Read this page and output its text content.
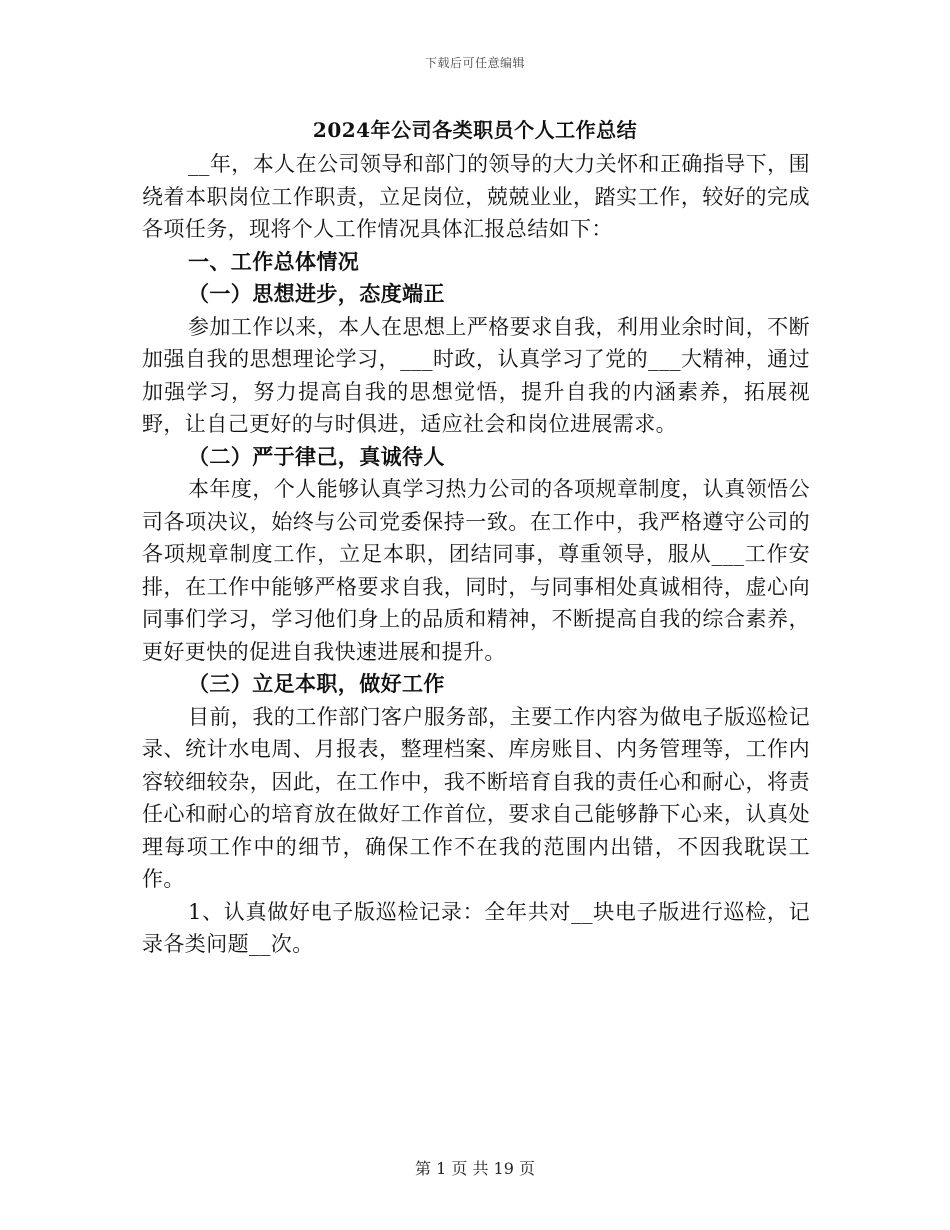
下载后可任意编辑
2024年公司各类职员个人工作总结

__年，本人在公司领导和部门的领导的大力关怀和正确指导下，围绕着本职岗位工作职责，立足岗位，兢兢业业，踏实工作，较好的完成各项任务，现将个人工作情况具体汇报总结如下：

一、工作总体情况

（一）思想进步，态度端正

参加工作以来，本人在思想上严格要求自我，利用业余时间，不断加强自我的思想理论学习，___时政，认真学习了党的___大精神，通过加强学习，努力提高自我的思想觉悟，提升自我的内涵素养，拓展视野，让自己更好的与时俱进，适应社会和岗位进展需求。

（二）严于律己，真诚待人

本年度，个人能够认真学习热力公司的各项规章制度，认真领悟公司各项决议，始终与公司党委保持一致。在工作中，我严格遵守公司的各项规章制度工作，立足本职，团结同事，尊重领导，服从___工作安排，在工作中能够严格要求自我，同时，与同事相处真诚相待，虚心向同事们学习，学习他们身上的品质和精神，不断提高自我的综合素养，更好更快的促进自我快速进展和提升。

（三）立足本职，做好工作

目前，我的工作部门客户服务部，主要工作内容为做电子版巡检记录、统计水电周、月报表，整理档案、库房账目、内务管理等，工作内容较细较杂，因此，在工作中，我不断培育自我的责任心和耐心，将责任心和耐心的培育放在做好工作首位，要求自己能够静下心来，认真处理每项工作中的细节，确保工作不在我的范围内出错，不因我耽误工作。

1、认真做好电子版巡检记录：全年共对__块电子版进行巡检，记录各类问题__次。

第 1 页 共 19 页
